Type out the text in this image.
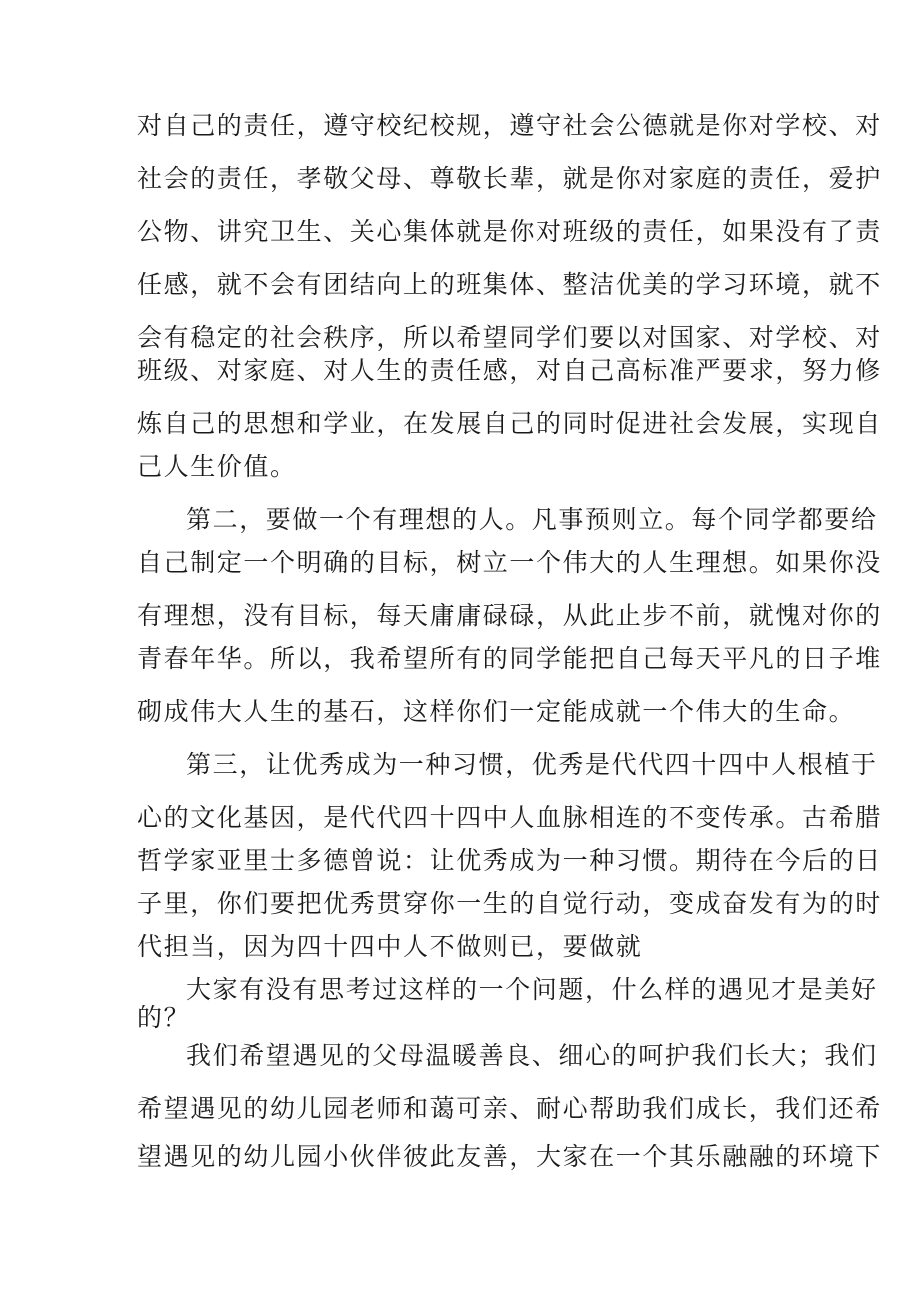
对自己的责任，遵守校纪校规，遵守社会公德就是你对学校、对
社会的责任，孝敬父母、尊敬长辈，就是你对家庭的责任，爱护
公物、讲究卫生、关心集体就是你对班级的责任，如果没有了责
任感，就不会有团结向上的班集体、整洁优美的学习环境，就不
会有稳定的社会秩序，所以希望同学们要以对国家、对学校、对
班级、对家庭、对人生的责任感，对自己高标准严要求，努力修
炼自己的思想和学业，在发展自己的同时促进社会发展，实现自
己人生价值。
第二，要做一个有理想的人。凡事预则立。每个同学都要给
自己制定一个明确的目标，树立一个伟大的人生理想。如果你没
有理想，没有目标，每天庸庸碌碌，从此止步不前，就愧对你的
青春年华。所以，我希望所有的同学能把自己每天平凡的日子堆
砌成伟大人生的基石，这样你们一定能成就一个伟大的生命。
第三，让优秀成为一种习惯，优秀是代代四十四中人根植于
心的文化基因，是代代四十四中人血脉相连的不变传承。古希腊
哲学家亚里士多德曾说：让优秀成为一种习惯。期待在今后的日
子里，你们要把优秀贯穿你一生的自觉行动，变成奋发有为的时
代担当，因为四十四中人不做则已，要做就
大家有没有思考过这样的一个问题，什么样的遇见才是美好
的？
我们希望遇见的父母温暖善良、细心的呵护我们长大；我们
希望遇见的幼儿园老师和蔼可亲、耐心帮助我们成长，我们还希
望遇见的幼儿园小伙伴彼此友善，大家在一个其乐融融的环境下
